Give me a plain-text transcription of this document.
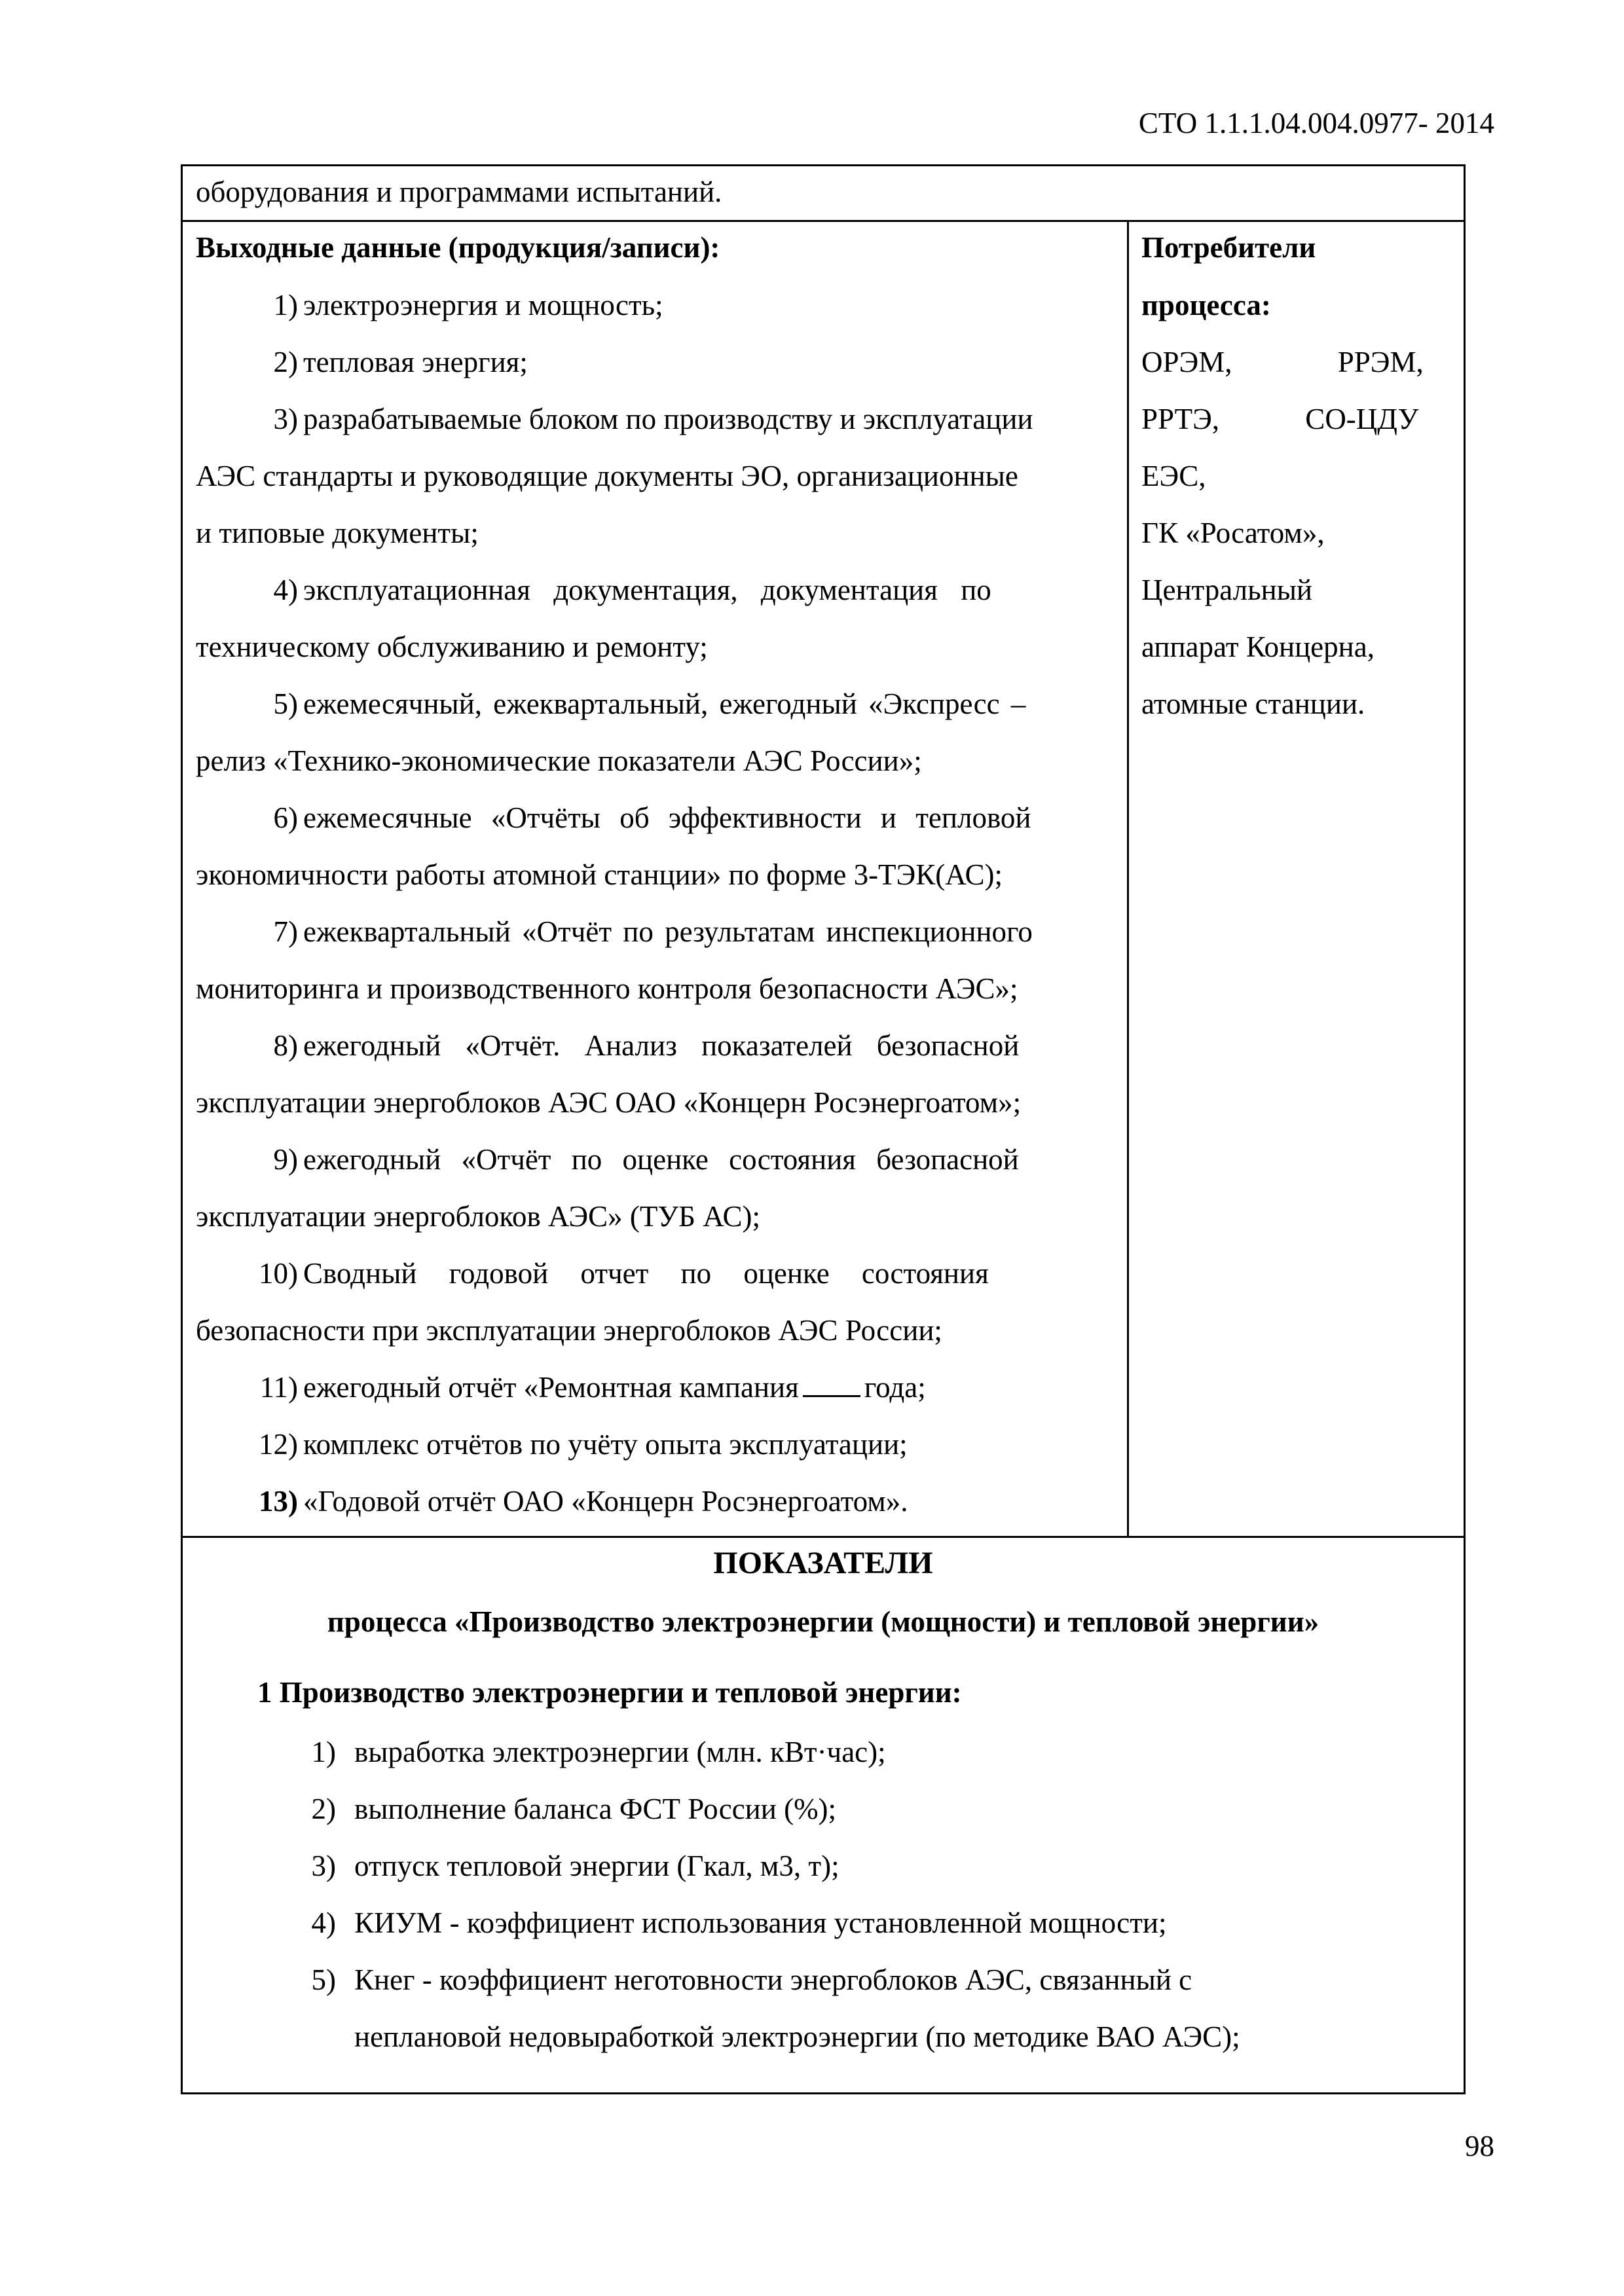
СТО 1.1.1.04.004.0977- 2014
оборудования и программами испытаний.
Выходные данные (продукция/записи):
1) электроэнергия и мощность;
2) тепловая энергия;
3) разрабатываемые блоком по производству и эксплуатации
АЭС стандарты и руководящие документы ЭО, организационные
и типовые документы;
4) эксплуатационная документация, документация по
техническому обслуживанию и ремонту;
5) ежемесячный, ежеквартальный, ежегодный «Экспресс –
релиз «Технико-экономические показатели АЭС России»;
6) ежемесячные «Отчёты об эффективности и тепловой
экономичности работы атомной станции» по форме 3-ТЭК(АС);
7) ежеквартальный «Отчёт по результатам инспекционного
мониторинга и производственного контроля безопасности АЭС»;
8) ежегодный «Отчёт. Анализ показателей безопасной
эксплуатации энергоблоков АЭС ОАО «Концерн Росэнергоатом»;
9) ежегодный «Отчёт по оценке состояния безопасной
эксплуатации энергоблоков АЭС» (ТУБ АС);
10) Сводный годовой отчет по оценке состояния
безопасности при эксплуатации энергоблоков АЭС России;
11) ежегодный отчёт «Ремонтная кампания года;
12) комплекс отчётов по учёту опыта эксплуатации;
13) «Годовой отчёт ОАО «Концерн Росэнергоатом».
Потребители
процесса:
ОРЭМ, РРЭМ,
РРТЭ, СО-ЦДУ
ЕЭС,
ГК «Росатом»,
Центральный
аппарат Концерна,
атомные станции.
ПОКАЗАТЕЛИ
процесса «Производство электроэнергии (мощности) и тепловой энергии»
1 Производство электроэнергии и тепловой энергии:
1) выработка электроэнергии (млн. кВт·час);
2) выполнение баланса ФСТ России (%);
3) отпуск тепловой энергии (Гкал, м3, т);
4) КИУМ - коэффициент использования установленной мощности;
5) Кнег - коэффициент неготовности энергоблоков АЭС, связанный с
неплановой недовыработкой электроэнергии (по методике ВАО АЭС);
98
